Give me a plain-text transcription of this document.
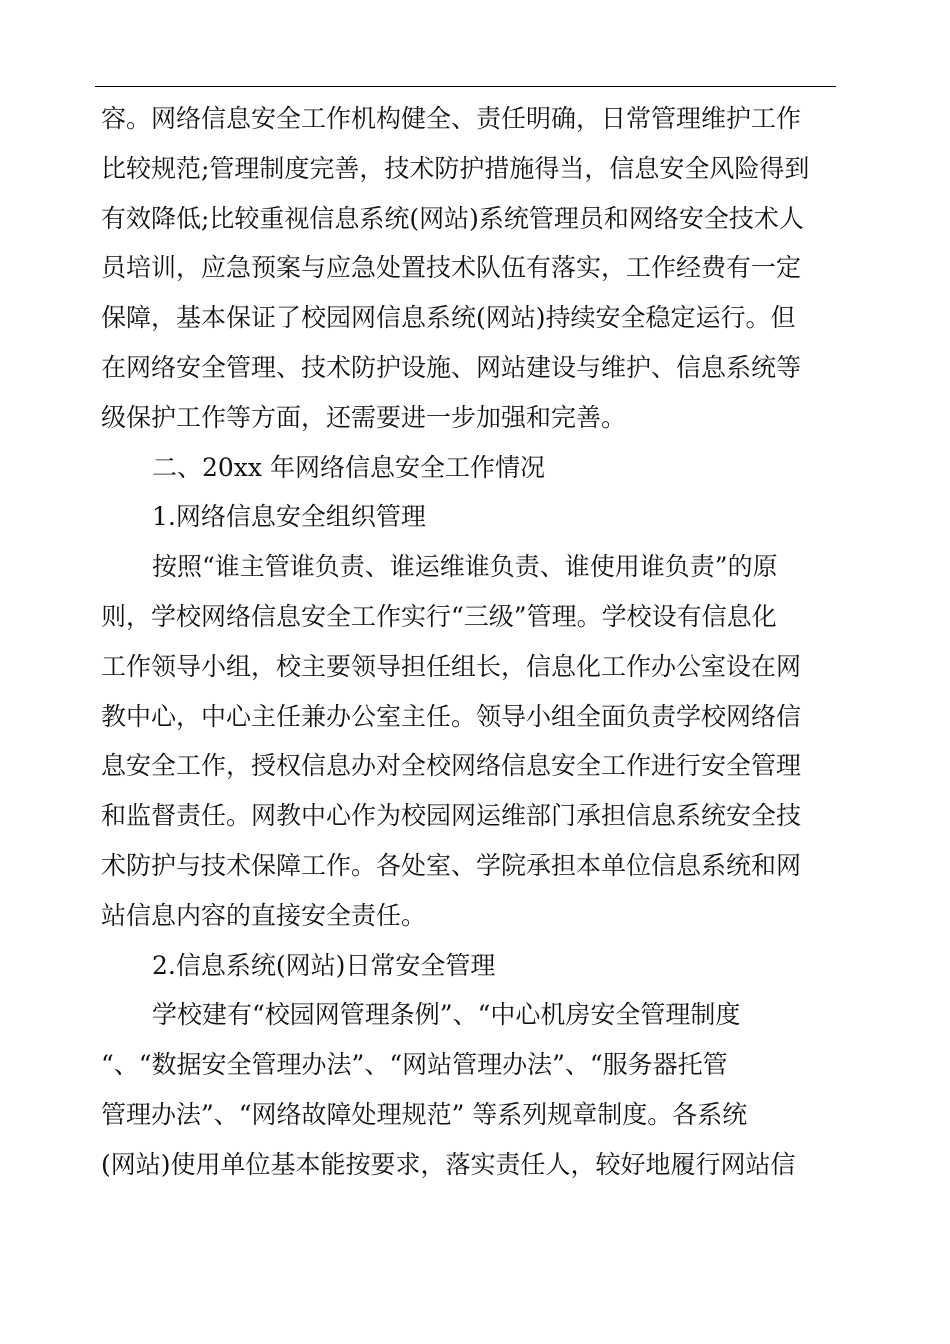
容。网络信息安全工作机构健全、责任明确，日常管理维护工作
比较规范;管理制度完善，技术防护措施得当，信息安全风险得到
有效降低;比较重视信息系统(网站)系统管理员和网络安全技术人
员培训，应急预案与应急处置技术队伍有落实，工作经费有一定
保障，基本保证了校园网信息系统(网站)持续安全稳定运行。但
在网络安全管理、技术防护设施、网站建设与维护、信息系统等
级保护工作等方面，还需要进一步加强和完善。
二、20xx 年网络信息安全工作情况
1.网络信息安全组织管理
按照“谁主管谁负责、谁运维谁负责、谁使用谁负责”的原
则，学校网络信息安全工作实行“三级”管理。学校设有信息化
工作领导小组，校主要领导担任组长，信息化工作办公室设在网
教中心，中心主任兼办公室主任。领导小组全面负责学校网络信
息安全工作，授权信息办对全校网络信息安全工作进行安全管理
和监督责任。网教中心作为校园网运维部门承担信息系统安全技
术防护与技术保障工作。各处室、学院承担本单位信息系统和网
站信息内容的直接安全责任。
2.信息系统(网站)日常安全管理
学校建有“校园网管理条例”、“中心机房安全管理制度
“、“数据安全管理办法”、“网站管理办法”、“服务器托管
管理办法”、“网络故障处理规范” 等系列规章制度。各系统
(网站)使用单位基本能按要求，落实责任人，较好地履行网站信
